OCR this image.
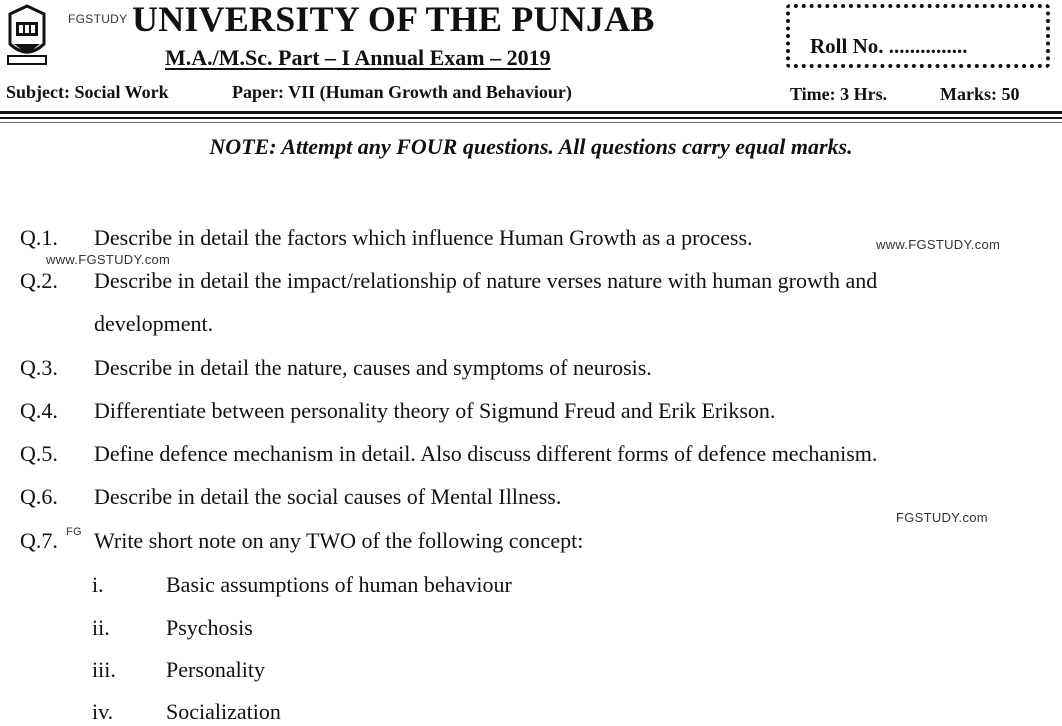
FGSTUDY UNIVERSITY OF THE PUNJAB
M.A./M.Sc. Part – I Annual Exam – 2019	Roll No. ...............
Subject: Social Work	Paper: VII (Human Growth and Behaviour)	Time: 3 Hrs.	Marks: 50
NOTE: Attempt any FOUR questions. All questions carry equal marks.
Q.1. Describe in detail the factors which influence Human Growth as a process.
Q.2. Describe in detail the impact/relationship of nature verses nature with human growth and
development.
Q.3. Describe in detail the nature, causes and symptoms of neurosis.
Q.4. Differentiate between personality theory of Sigmund Freud and Erik Erikson.
Q.5. Define defence mechanism in detail. Also discuss different forms of defence mechanism.
Q.6. Describe in detail the social causes of Mental Illness.
Q.7. Write short note on any TWO of the following concept:
i.	Basic assumptions of human behaviour
ii.	Psychosis
iii. Personality
iv. Socialization
www.FGSTUDY.com
www.FGSTUDY.com
FGSTUDY.com
FG
